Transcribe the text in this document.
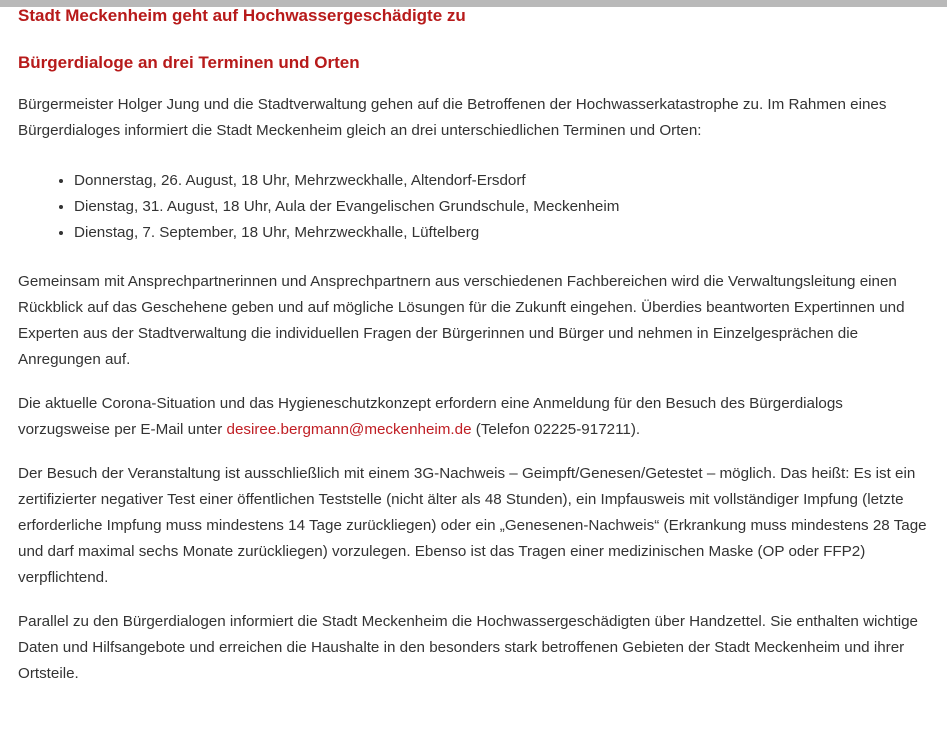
Stadt Meckenheim geht auf Hochwassergeschädigte zu
Bürgerdialoge an drei Terminen und Orten

Bürgermeister Holger Jung und die Stadtverwaltung gehen auf die Betroffenen der Hochwasserkatastrophe zu. Im Rahmen eines Bürgerdialoges informiert die Stadt Meckenheim gleich an drei unterschiedlichen Terminen und Orten:

• Donnerstag, 26. August, 18 Uhr, Mehrzweckhalle, Altendorf-Ersdorf
• Dienstag, 31. August, 18 Uhr, Aula der Evangelischen Grundschule, Meckenheim
• Dienstag, 7. September, 18 Uhr, Mehrzweckhalle, Lüftelberg

Gemeinsam mit Ansprechpartnerinnen und Ansprechpartnern aus verschiedenen Fachbereichen wird die Verwaltungsleitung einen Rückblick auf das Geschehene geben und auf mögliche Lösungen für die Zukunft eingehen. Überdies beantworten Expertinnen und Experten aus der Stadtverwaltung die individuellen Fragen der Bürgerinnen und Bürger und nehmen in Einzelgesprächen die Anregungen auf.

Die aktuelle Corona-Situation und das Hygieneschutzkonzept erfordern eine Anmeldung für den Besuch des Bürgerdialogs vorzugsweise per E-Mail unter desiree.bergmann@meckenheim.de (Telefon 02225-917211).

Der Besuch der Veranstaltung ist ausschließlich mit einem 3G-Nachweis – Geimpft/Genesen/Getestet – möglich. Das heißt: Es ist ein zertifizierter negativer Test einer öffentlichen Teststelle (nicht älter als 48 Stunden), ein Impfausweis mit vollständiger Impfung (letzte erforderliche Impfung muss mindestens 14 Tage zurückliegen) oder ein „Genesenen-Nachweis“ (Erkrankung muss mindestens 28 Tage und darf maximal sechs Monate zurückliegen) vorzulegen. Ebenso ist das Tragen einer medizinischen Maske (OP oder FFP2) verpflichtend.

Parallel zu den Bürgerdialogen informiert die Stadt Meckenheim die Hochwassergeschädigten über Handzettel. Sie enthalten wichtige Daten und Hilfsangebote und erreichen die Haushalte in den besonders stark betroffenen Gebieten der Stadt Meckenheim und ihrer Ortsteile.
